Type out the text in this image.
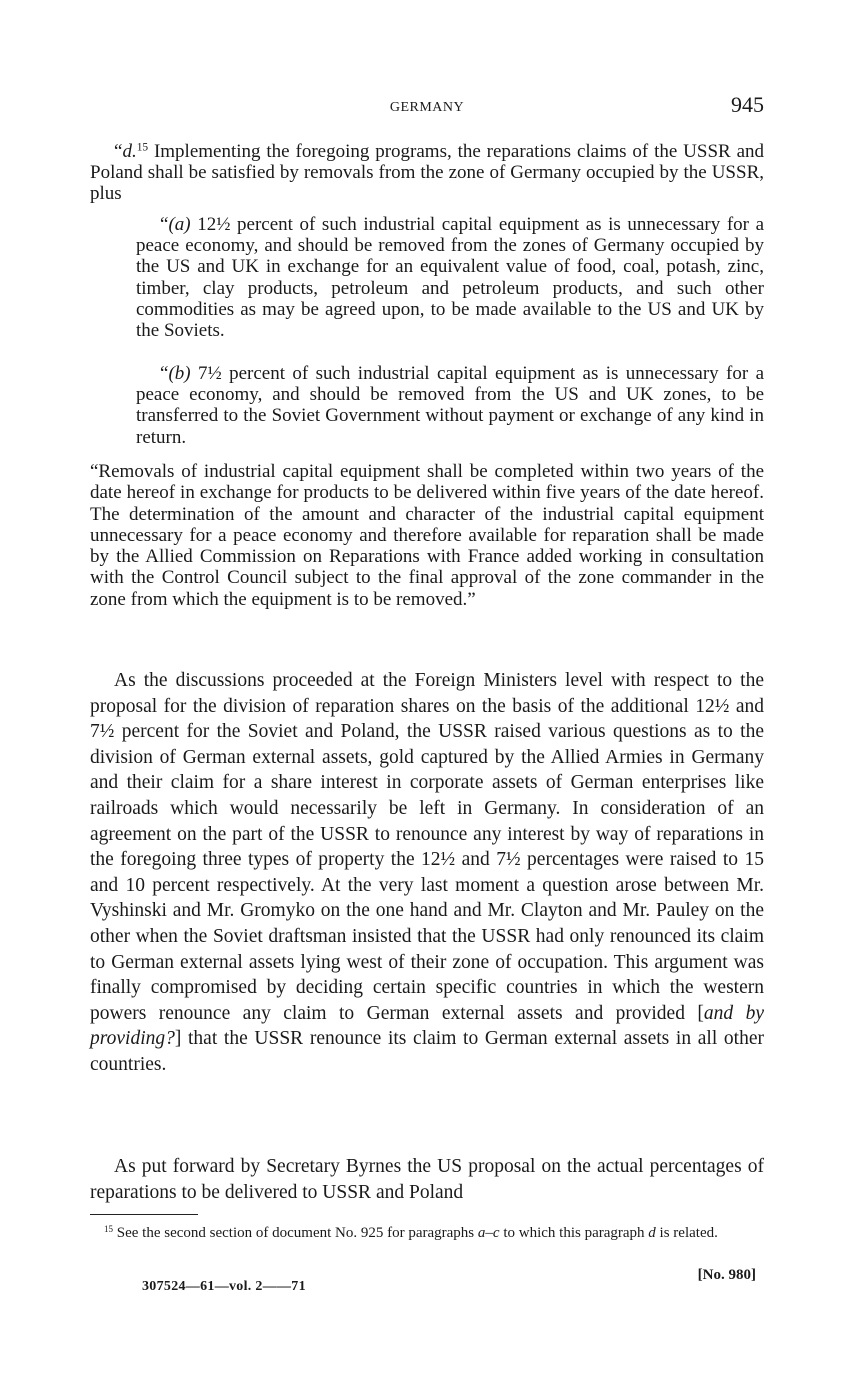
GERMANY	945

“d.$^{15}$ Implementing the foregoing programs, the reparations claims of the USSR and Poland shall be satisfied by removals from the zone of Germany occupied by the USSR, plus

“(a) 12½ percent of such industrial capital equipment as is unnecessary for a peace economy, and should be removed from the zones of Germany occupied by the US and UK in exchange for an equivalent value of food, coal, potash, zinc, timber, clay products, petroleum and petroleum products, and such other commodities as may be agreed upon, to be made available to the US and UK by the Soviets.

“(b) 7½ percent of such industrial capital equipment as is unnecessary for a peace economy, and should be removed from the US and UK zones, to be transferred to the Soviet Government without payment or exchange of any kind in return.

“Removals of industrial capital equipment shall be completed within two years of the date hereof in exchange for products to be delivered within five years of the date hereof. The determination of the amount and character of the industrial capital equipment unnecessary for a peace economy and therefore available for reparation shall be made by the Allied Commission on Reparations with France added working in consultation with the Control Council subject to the final approval of the zone commander in the zone from which the equipment is to be removed.”

As the discussions proceeded at the Foreign Ministers level with respect to the proposal for the division of reparation shares on the basis of the additional 12½ and 7½ percent for the Soviet and Poland, the USSR raised various questions as to the division of German external assets, gold captured by the Allied Armies in Germany and their claim for a share interest in corporate assets of German enterprises like railroads which would necessarily be left in Germany. In consideration of an agreement on the part of the USSR to renounce any interest by way of reparations in the foregoing three types of property the 12½ and 7½ percentages were raised to 15 and 10 percent respectively. At the very last moment a question arose between Mr. Vyshinski and Mr. Gromyko on the one hand and Mr. Clayton and Mr. Pauley on the other when the Soviet draftsman insisted that the USSR had only renounced its claim to German external assets lying west of their zone of occupation. This argument was finally compromised by deciding certain specific countries in which the western powers renounce any claim to German external assets and provided [and by providing?] that the USSR renounce its claim to German external assets in all other countries.

As put forward by Secretary Byrnes the US proposal on the actual percentages of reparations to be delivered to USSR and Poland

$^{15}$ See the second section of document No. 925 for paragraphs a–c to which this paragraph d is related.

[No. 980]
307524—61—vol. 2——71
